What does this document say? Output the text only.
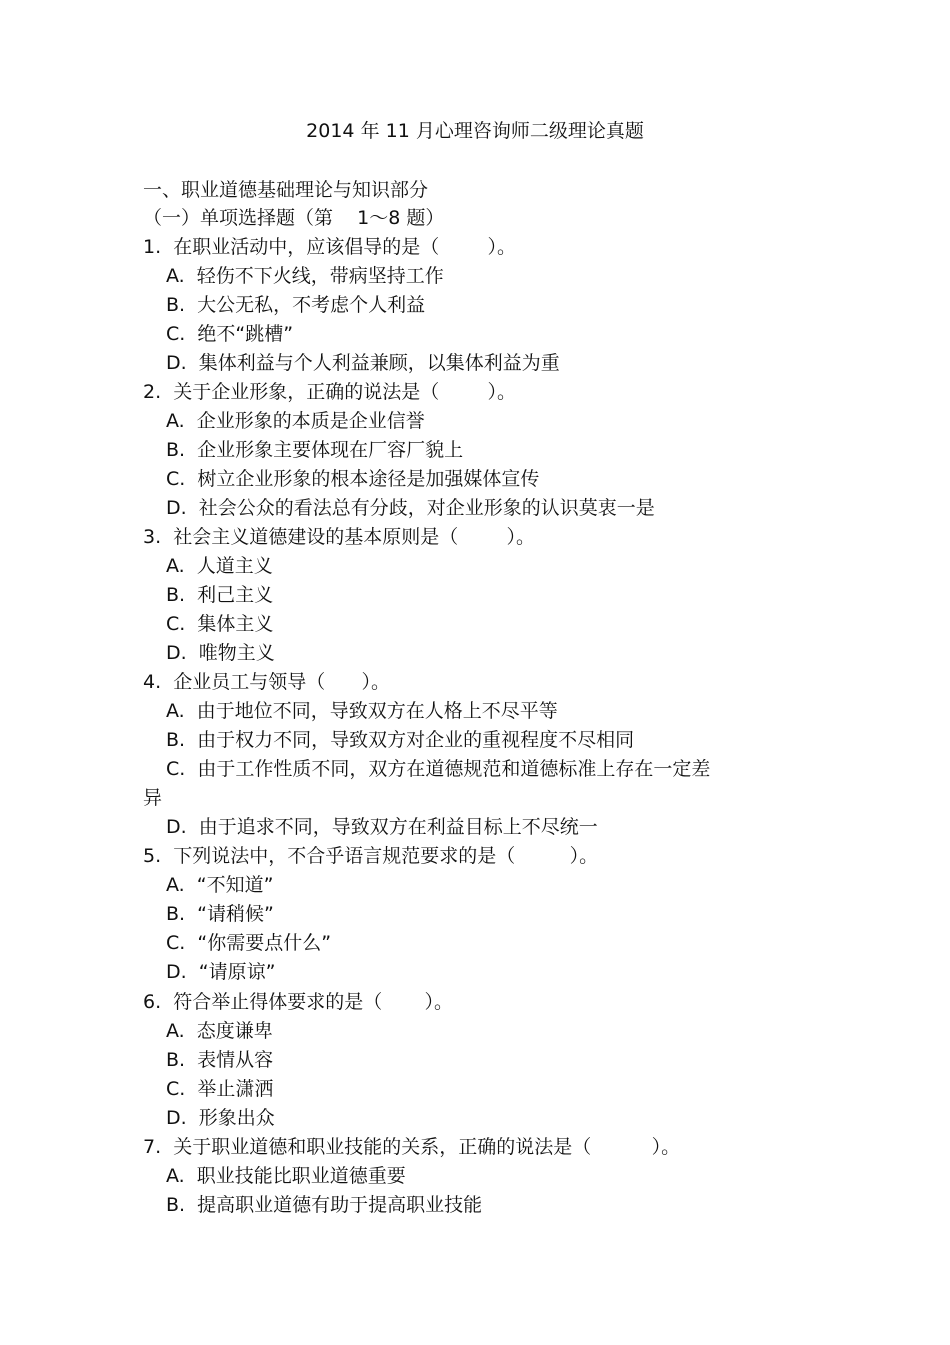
2014 年 11 月心理咨询师二级理论真题
一、职业道德基础理论与知识部分
（一）单项选择题（第    1～8 题）
1.  在职业活动中，应该倡导的是（        ）。
A.  轻伤不下火线，带病坚持工作
B.  大公无私，不考虑个人利益
C.  绝不“跳槽”
D.  集体利益与个人利益兼顾，以集体利益为重
2.  关于企业形象，正确的说法是（        ）。
A.  企业形象的本质是企业信誉
B.  企业形象主要体现在厂容厂貌上
C.  树立企业形象的根本途径是加强媒体宣传
D.  社会公众的看法总有分歧，对企业形象的认识莫衷一是
3.  社会主义道德建设的基本原则是（        ）。
A.  人道主义
B.  利己主义
C.  集体主义
D.  唯物主义
4.  企业员工与领导（      ）。
A.  由于地位不同，导致双方在人格上不尽平等
B.  由于权力不同，导致双方对企业的重视程度不尽相同
C.  由于工作性质不同，双方在道德规范和道德标准上存在一定差
异
D.  由于追求不同，导致双方在利益目标上不尽统一
5.  下列说法中，不合乎语言规范要求的是（         ）。
A.  “不知道”
B.  “请稍候”
C.  “你需要点什么”
D.  “请原谅”
6.  符合举止得体要求的是（       ）。
A.  态度谦卑
B.  表情从容
C.  举止潇洒
D.  形象出众
7.  关于职业道德和职业技能的关系，正确的说法是（          ）。
A.  职业技能比职业道德重要
B.  提高职业道德有助于提高职业技能
